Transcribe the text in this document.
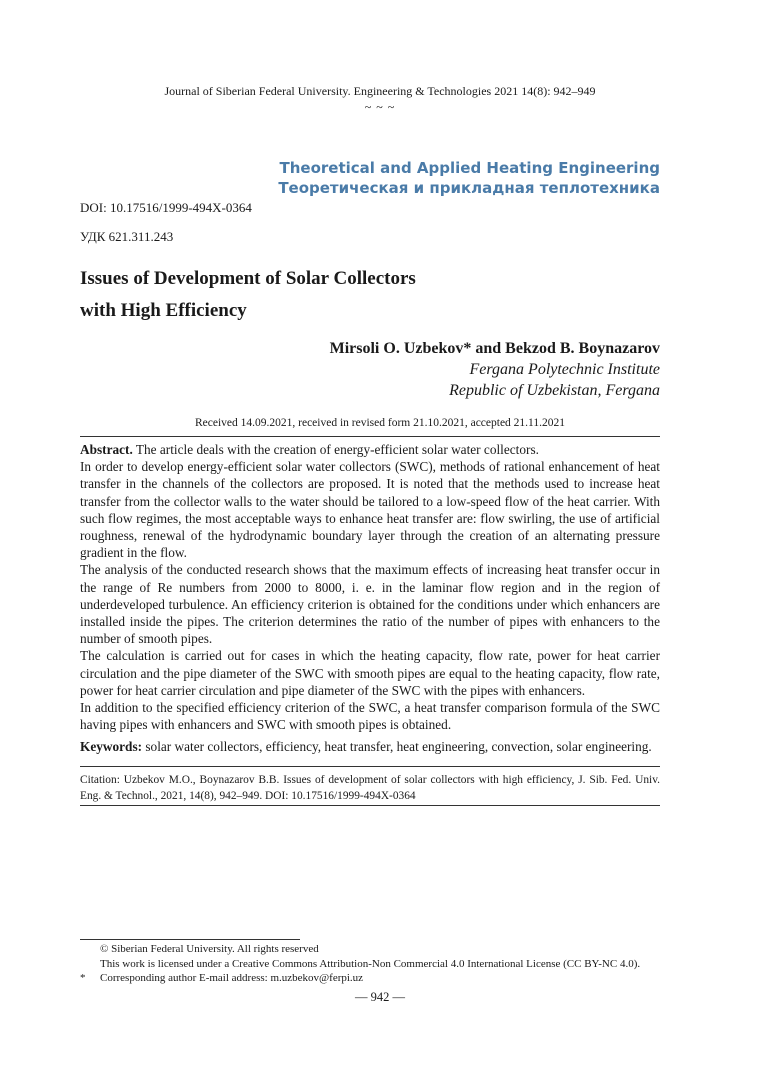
Journal of Siberian Federal University. Engineering & Technologies 2021 14(8): 942–949
~ ~ ~
Theoretical and Applied Heating Engineering
Теоретическая и прикладная теплотехника
DOI: 10.17516/1999-494X-0364
УДК 621.311.243
Issues of Development of Solar Collectors
with High Efficiency
Mirsoli O. Uzbekov* and Bekzod B. Boynazarov
Fergana Polytechnic Institute
Republic of Uzbekistan, Fergana
Received 14.09.2021, received in revised form 21.10.2021, accepted 21.11.2021

Abstract. The article deals with the creation of energy-efficient solar water collectors.

In order to develop energy-efficient solar water collectors (SWC), methods of rational enhancement of heat transfer in the channels of the collectors are proposed. It is noted that the methods used to increase heat transfer from the collector walls to the water should be tailored to a low-speed flow of the heat carrier. With such flow regimes, the most acceptable ways to enhance heat transfer are: flow swirling, the use of artificial roughness, renewal of the hydrodynamic boundary layer through the creation of an alternating pressure gradient in the flow.

The analysis of the conducted research shows that the maximum effects of increasing heat transfer occur in the range of Re numbers from 2000 to 8000, i. e. in the laminar flow region and in the region of underdeveloped turbulence. An efficiency criterion is obtained for the conditions under which enhancers are installed inside the pipes. The criterion determines the ratio of the number of pipes with enhancers to the number of smooth pipes.

The calculation is carried out for cases in which the heating capacity, flow rate, power for heat carrier circulation and the pipe diameter of the SWC with smooth pipes are equal to the heating capacity, flow rate, power for heat carrier circulation and pipe diameter of the SWC with the pipes with enhancers.

In addition to the specified efficiency criterion of the SWC, a heat transfer comparison formula of the SWC having pipes with enhancers and SWC with smooth pipes is obtained.

Keywords: solar water collectors, efficiency, heat transfer, heat engineering, convection, solar engineering.
Citation: Uzbekov M.O., Boynazarov B.B. Issues of development of solar collectors with high efficiency, J. Sib. Fed. Univ. Eng. & Technol., 2021, 14(8), 942–949. DOI: 10.17516/1999-494X-0364
© Siberian Federal University. All rights reserved
This work is licensed under a Creative Commons Attribution-Non Commercial 4.0 International License (CC BY-NC 4.0).
* Corresponding author E-mail address: m.uzbekov@ferpi.uz
— 942 —
